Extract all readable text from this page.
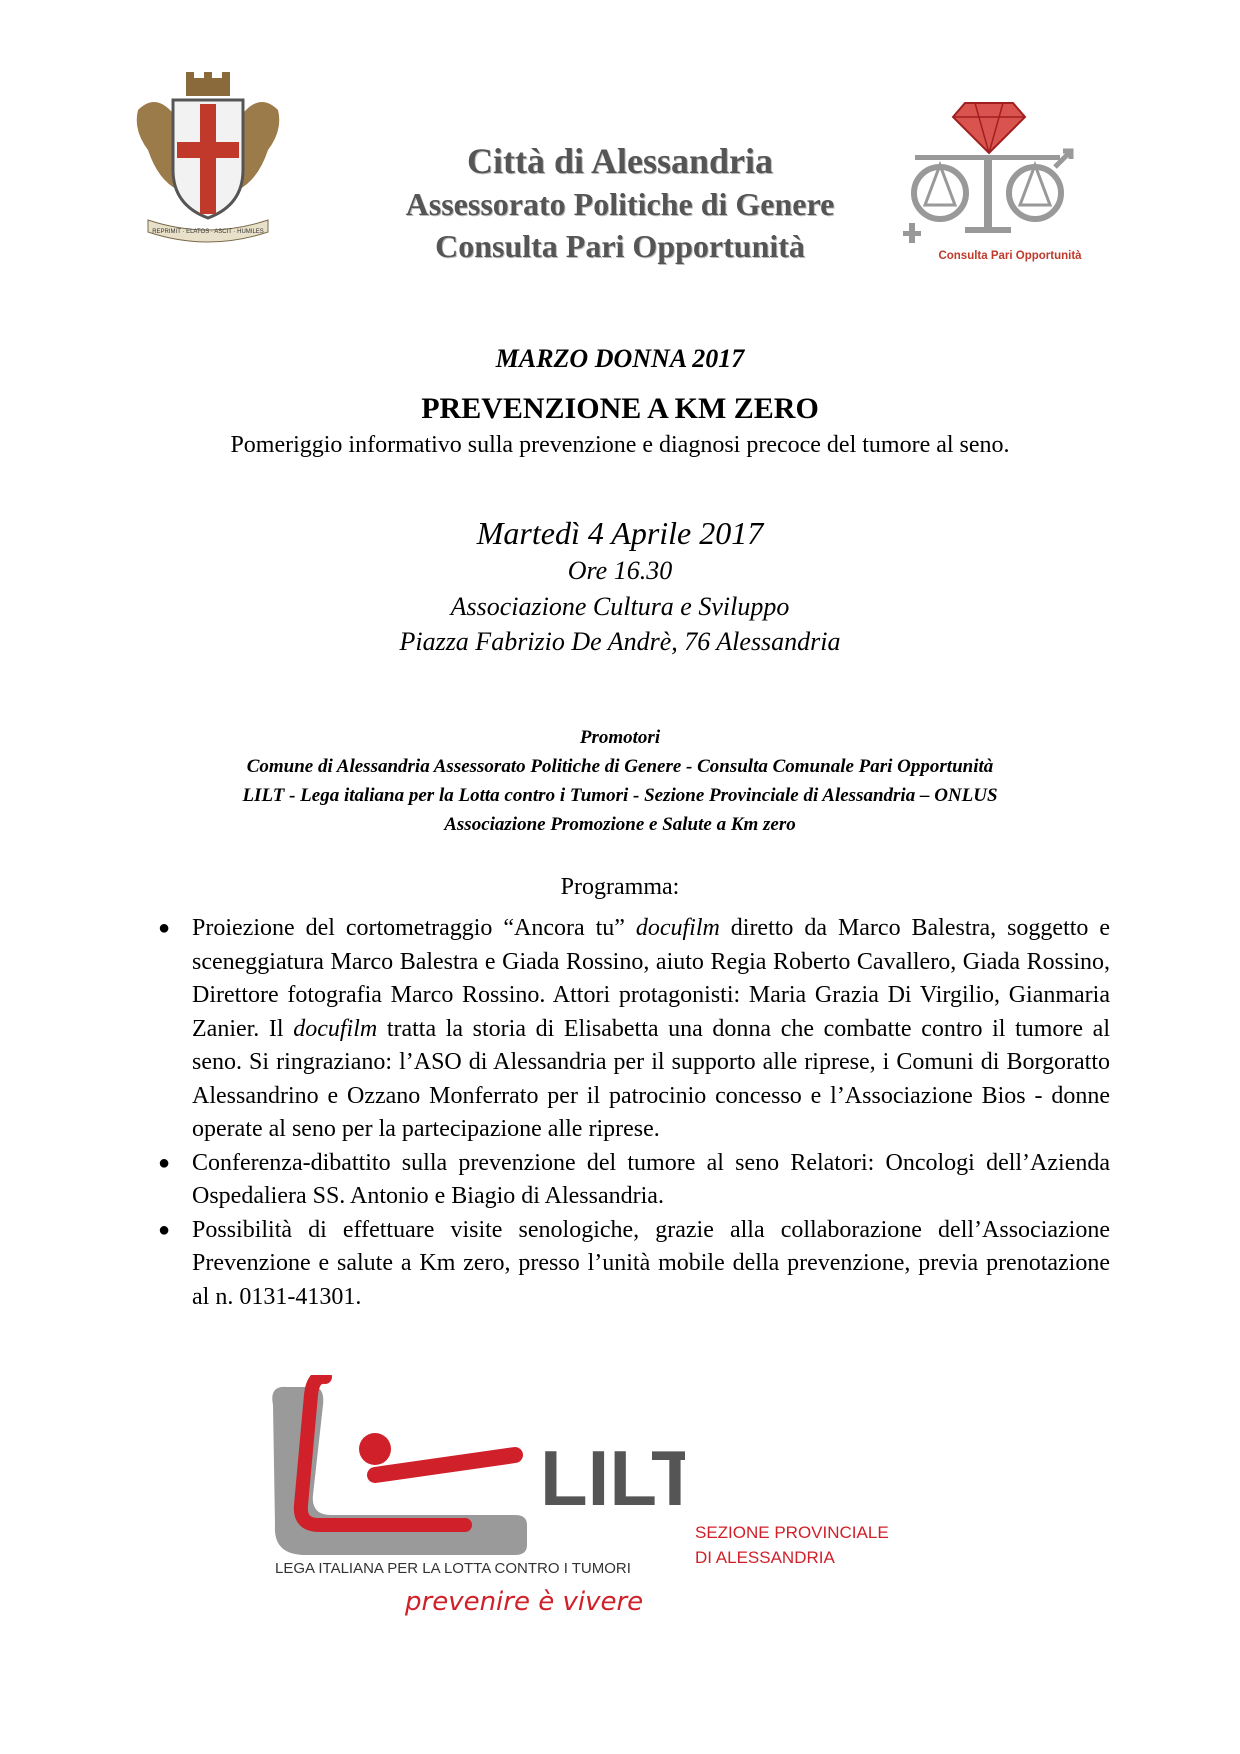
REPRIMIT · ELATOS · ASCIT · HUMILES
Città di Alessandria
Assessorato Politiche di Genere
Consulta Pari Opportunità	Consulta Pari Opportunità
MARZO DONNA 2017
PREVENZIONE A KM ZERO
Pomeriggio informativo sulla prevenzione e diagnosi precoce del tumore al seno.
Martedì 4 Aprile 2017
Ore 16.30
Associazione Cultura e Sviluppo
Piazza Fabrizio De Andrè, 76 Alessandria
Promotori
Comune di Alessandria Assessorato Politiche di Genere - Consulta Comunale Pari Opportunità
LILT - Lega italiana per la Lotta contro i Tumori - Sezione Provinciale di Alessandria – ONLUS
Associazione Promozione e Salute a Km zero
Programma:
● Proiezione del cortometraggio “Ancora tu” docufilm diretto da Marco Balestra, soggetto e sceneggiatura Marco Balestra e Giada Rossino, aiuto Regia Roberto Cavallero, Giada Rossino, Direttore fotografia Marco Rossino. Attori protagonisti: Maria Grazia Di Virgilio, Gianmaria Zanier. Il docufilm tratta la storia di Elisabetta una donna che combatte contro il tumore al seno. Si ringraziano: l’ASO di Alessandria per il supporto alle riprese, i Comuni di Borgoratto Alessandrino e Ozzano Monferrato per il patrocinio concesso e l’Associazione Bios - donne operate al seno per la partecipazione alle riprese.
● Conferenza-dibattito sulla prevenzione del tumore al seno Relatori: Oncologi dell’Azienda Ospedaliera SS. Antonio e Biagio di Alessandria.
● Possibilità di effettuare visite senologiche, grazie alla collaborazione dell’Associazione Prevenzione e salute a Km zero, presso l’unità mobile della prevenzione, previa prenotazione al n. 0131-41301.
LILT
LEGA ITALIANA PER LA LOTTA CONTRO I TUMORI
prevenire è vivere
SEZIONE PROVINCIALE
DI ALESSANDRIA
